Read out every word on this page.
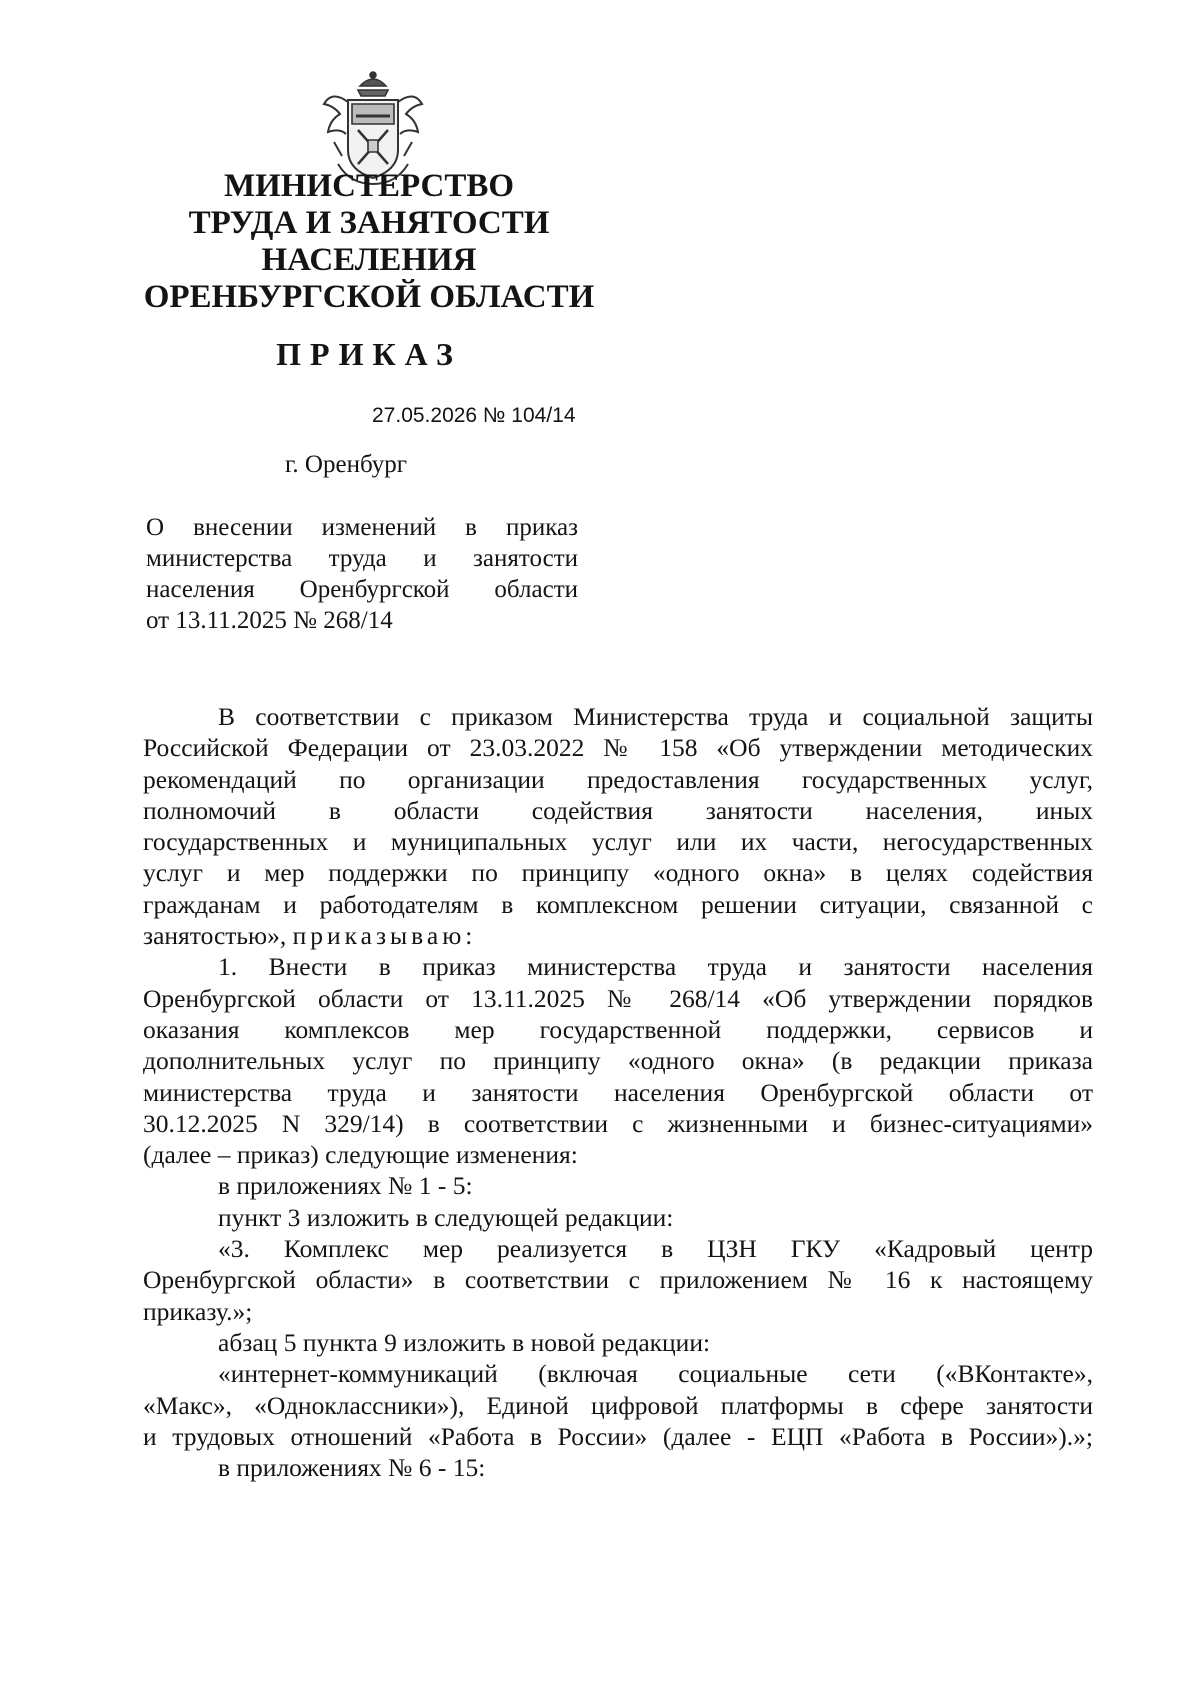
МИНИСТЕРСТВО
ТРУДА И ЗАНЯТОСТИ
НАСЕЛЕНИЯ
ОРЕНБУРГСКОЙ ОБЛАСТИ
ПРИКАЗ
27.05.2026 № 104/14
г. Оренбург
О внесении изменений в приказ
министерства труда и занятости
населения Оренбургской области
от 13.11.2025 № 268/14
В соответствии с приказом Министерства труда и социальной защиты
Российской Федерации от 23.03.2022 № 158 «Об утверждении методических
рекомендаций по организации предоставления государственных услуг,
полномочий в области содействия занятости населения, иных
государственных и муниципальных услуг или их части, негосударственных
услуг и мер поддержки по принципу «одного окна» в целях содействия
гражданам и работодателям в комплексном решении ситуации, связанной с
занятостью», приказываю:
1. Внести в приказ министерства труда и занятости населения
Оренбургской области от 13.11.2025 № 268/14 «Об утверждении порядков
оказания комплексов мер государственной поддержки, сервисов и
дополнительных услуг по принципу «одного окна» (в редакции приказа
министерства труда и занятости населения Оренбургской области от
30.12.2025 N 329/14) в соответствии с жизненными и бизнес-ситуациями»
(далее – приказ) следующие изменения:
в приложениях № 1 - 5:
пункт 3 изложить в следующей редакции:
«3. Комплекс мер реализуется в ЦЗН ГКУ «Кадровый центр
Оренбургской области» в соответствии с приложением № 16 к настоящему
приказу.»;
абзац 5 пункта 9 изложить в новой редакции:
«интернет-коммуникаций (включая социальные сети («ВКонтакте»,
«Макс», «Одноклассники»), Единой цифровой платформы в сфере занятости
и трудовых отношений «Работа в России» (далее - ЕЦП «Работа в России»).»;
в приложениях № 6 - 15:
